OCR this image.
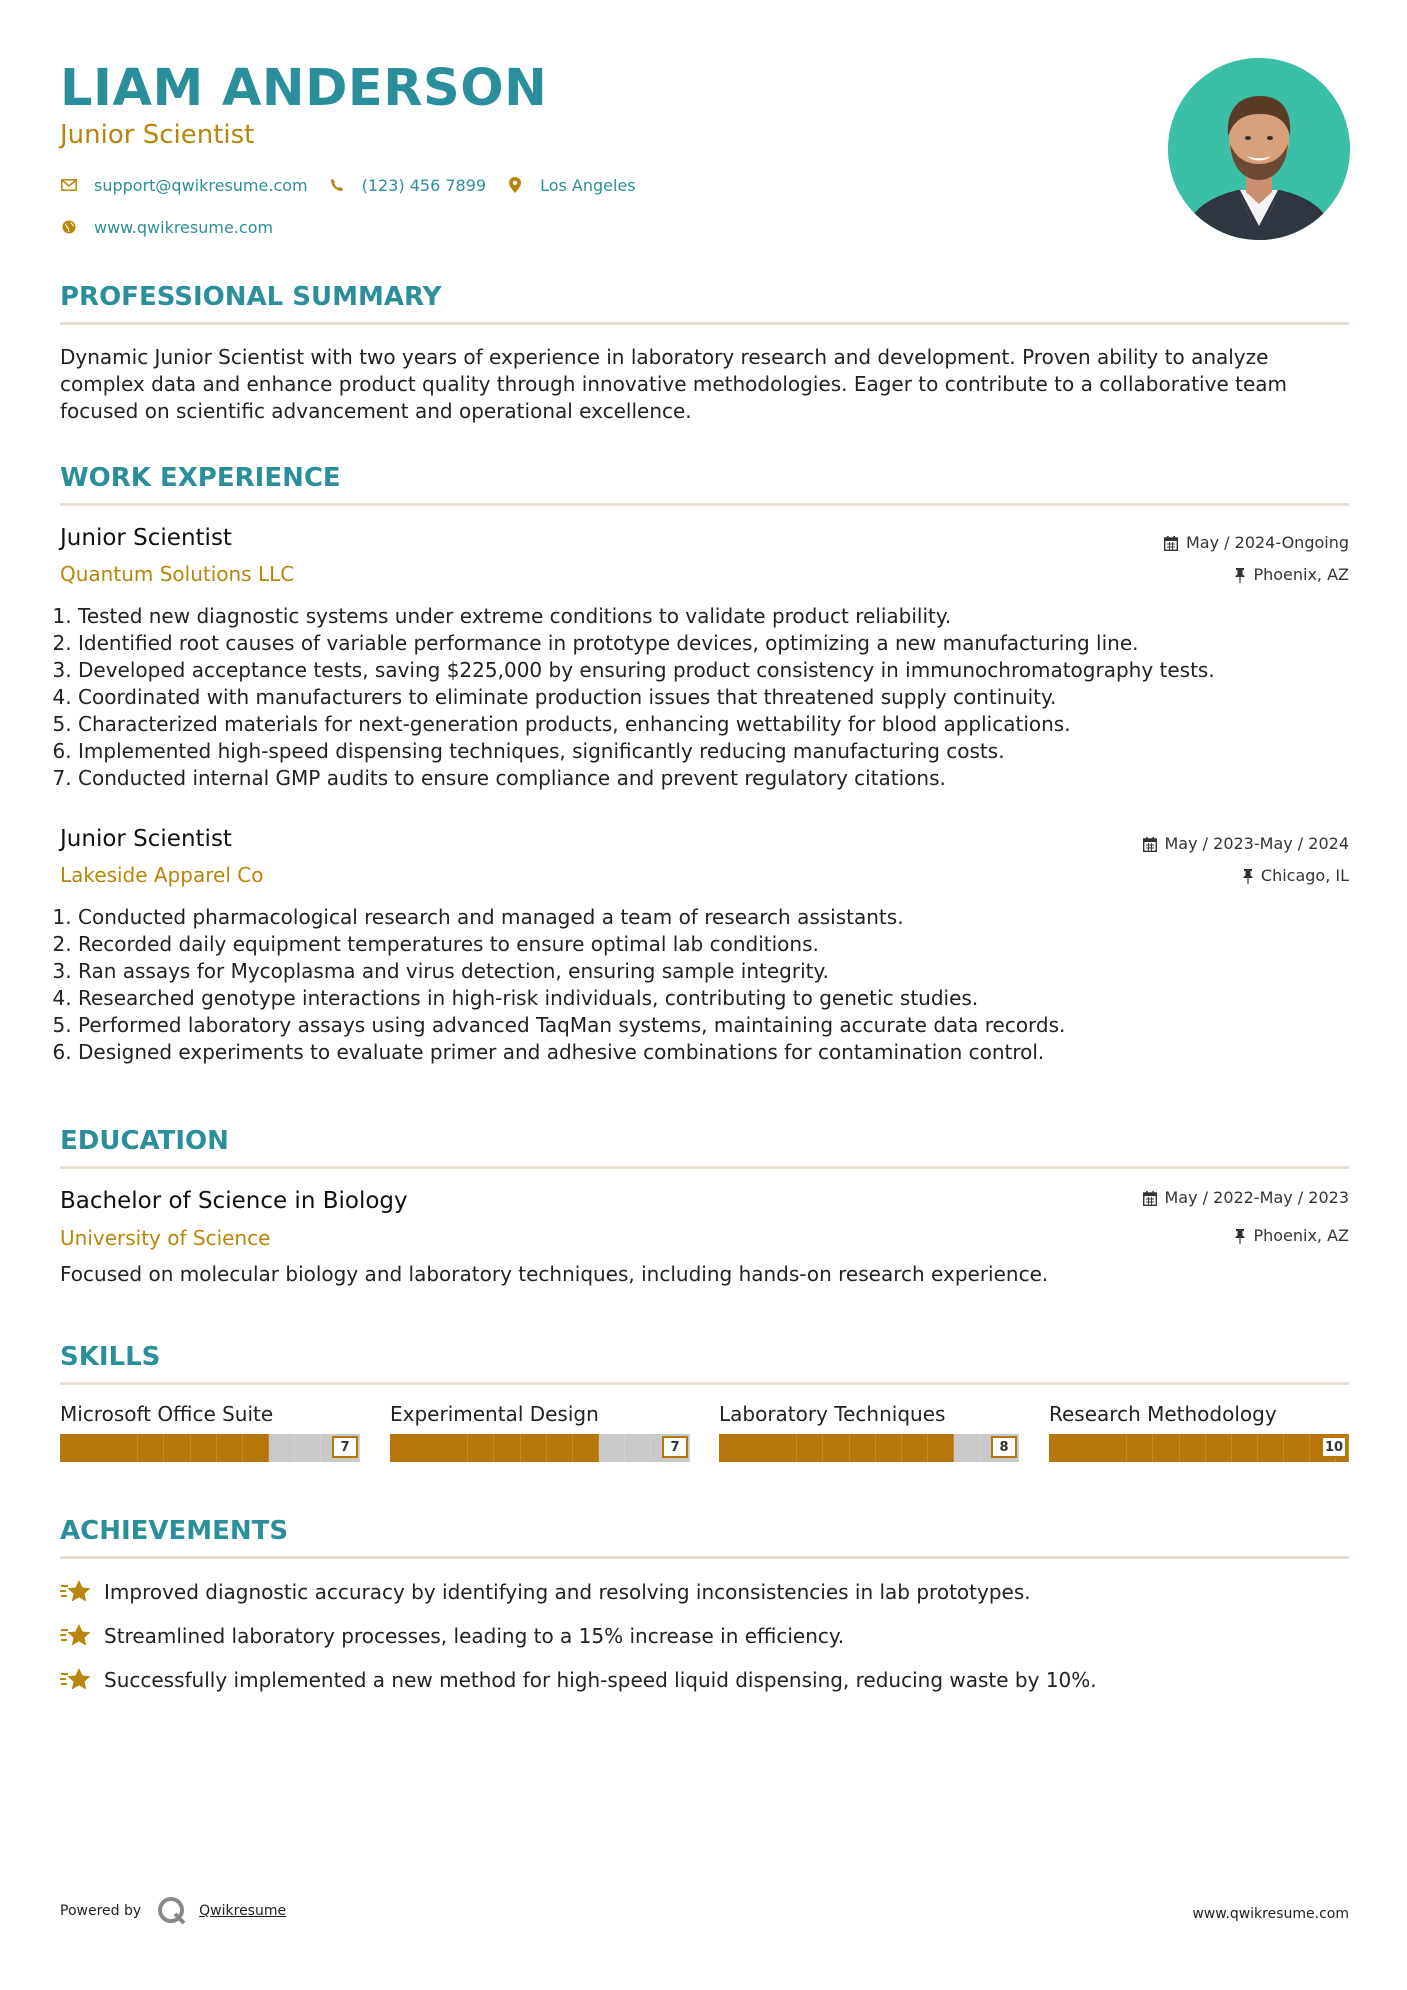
LIAM ANDERSON
Junior Scientist
support@qwikresume.com	(123) 456 7899	Los Angeles
www.qwikresume.com
PROFESSIONAL SUMMARY
Dynamic Junior Scientist with two years of experience in laboratory research and development. Proven ability to analyze complex data and enhance product quality through innovative methodologies. Eager to contribute to a collaborative team focused on scientific advancement and operational excellence.
WORK EXPERIENCE
Junior Scientist
Quantum Solutions LLC
May / 2024-Ongoing
Phoenix, AZ
1. Tested new diagnostic systems under extreme conditions to validate product reliability.
2. Identified root causes of variable performance in prototype devices, optimizing a new manufacturing line.
3. Developed acceptance tests, saving $225,000 by ensuring product consistency in immunochromatography tests.
4. Coordinated with manufacturers to eliminate production issues that threatened supply continuity.
5. Characterized materials for next-generation products, enhancing wettability for blood applications.
6. Implemented high-speed dispensing techniques, significantly reducing manufacturing costs.
7. Conducted internal GMP audits to ensure compliance and prevent regulatory citations.
Junior Scientist
Lakeside Apparel Co
May / 2023-May / 2024
Chicago, IL
1. Conducted pharmacological research and managed a team of research assistants.
2. Recorded daily equipment temperatures to ensure optimal lab conditions.
3. Ran assays for Mycoplasma and virus detection, ensuring sample integrity.
4. Researched genotype interactions in high-risk individuals, contributing to genetic studies.
5. Performed laboratory assays using advanced TaqMan systems, maintaining accurate data records.
6. Designed experiments to evaluate primer and adhesive combinations for contamination control.
EDUCATION
Bachelor of Science in Biology
University of Science
May / 2022-May / 2023
Phoenix, AZ
Focused on molecular biology and laboratory techniques, including hands-on research experience.
SKILLS
Microsoft Office Suite
7
Experimental Design
7
Laboratory Techniques
8
Research Methodology
10
ACHIEVEMENTS
Improved diagnostic accuracy by identifying and resolving inconsistencies in lab prototypes.
Streamlined laboratory processes, leading to a 15% increase in efficiency.
Successfully implemented a new method for high-speed liquid dispensing, reducing waste by 10%.
Powered by	Qwikresume	www.qwikresume.com
